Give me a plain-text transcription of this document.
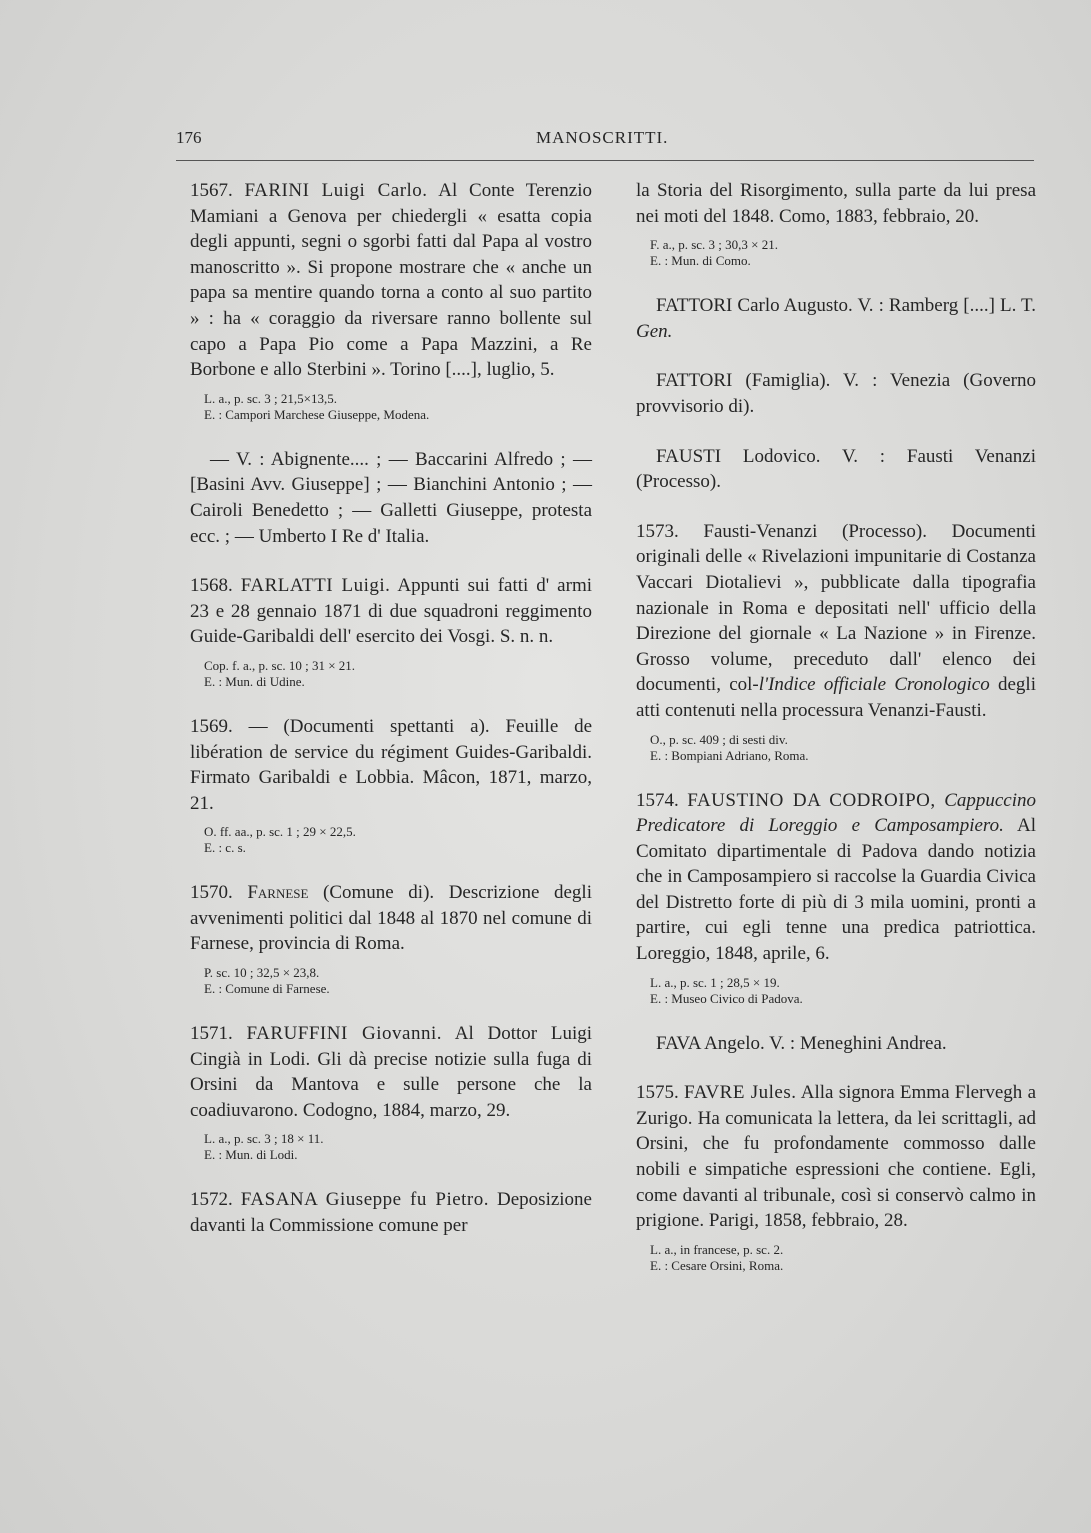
176	MANOSCRITTI.

1567. FARINI Luigi Carlo. Al Conte Terenzio Mamiani a Genova per chiedergli « esatta copia degli appunti, segni o sgorbi fatti dal Papa al vostro manoscritto ». Si propone mostrare che « anche un papa sa mentire quando torna a conto al suo partito » : ha « coraggio da riversare ranno bollente sul capo a Papa Pio come a Papa Mazzini, a Re Borbone e allo Sterbini ». Torino [....], luglio, 5.

L. a., p. sc. 3 ; 21,5×13,5.
E. : Campori Marchese Giuseppe, Modena.

— V. : Abignente.... ; — Baccarini Alfredo ; — [Basini Avv. Giuseppe] ; — Bianchini Antonio ; — Cairoli Benedetto ; — Galletti Giuseppe, protesta ecc. ; — Umberto I Re d' Italia.

1568. FARLATTI Luigi. Appunti sui fatti d' armi 23 e 28 gennaio 1871 di due squadroni reggimento Guide-Garibaldi dell' esercito dei Vosgi. S. n. n.

Cop. f. a., p. sc. 10 ; 31 × 21.
E. : Mun. di Udine.

1569. — (Documenti spettanti a). Feuille de libération de service du régiment Guides-Garibaldi. Firmato Garibaldi e Lobbia. Mâcon, 1871, marzo, 21.

O. ff. aa., p. sc. 1 ; 29 × 22,5.
E. : c. s.

1570. Farnese (Comune di). Descrizione degli avvenimenti politici dal 1848 al 1870 nel comune di Farnese, provincia di Roma.

P. sc. 10 ; 32,5 × 23,8.
E. : Comune di Farnese.

1571. FARUFFINI Giovanni. Al Dottor Luigi Cingià in Lodi. Gli dà precise notizie sulla fuga di Orsini da Mantova e sulle persone che la coadiuvarono. Codogno, 1884, marzo, 29.

L. a., p. sc. 3 ; 18 × 11.
E. : Mun. di Lodi.

1572. FASANA Giuseppe fu Pietro. Deposizione davanti la Commissione comune per

la Storia del Risorgimento, sulla parte da lui presa nei moti del 1848. Como, 1883, febbraio, 20.

F. a., p. sc. 3 ; 30,3 × 21.
E. : Mun. di Como.

FATTORI Carlo Augusto. V. : Ramberg [....] L. T. Gen.

FATTORI (Famiglia). V. : Venezia (Governo provvisorio di).

FAUSTI Lodovico. V. : Fausti Venanzi (Processo).

1573. Fausti-Venanzi (Processo). Documenti originali delle « Rivelazioni impunitarie di Costanza Vaccari Diotalievi », pubblicate dalla tipografia nazionale in Roma e depositati nell' ufficio della Direzione del giornale « La Nazione » in Firenze. Grosso volume, preceduto dall' elenco dei documenti, col-l'Indice officiale Cronologico degli atti contenuti nella processura Venanzi-Fausti.

O., p. sc. 409 ; di sesti div.
E. : Bompiani Adriano, Roma.

1574. FAUSTINO DA CODROIPO, Cappuccino Predicatore di Loreggio e Camposampiero. Al Comitato dipartimentale di Padova dando notizia che in Camposampiero si raccolse la Guardia Civica del Distretto forte di più di 3 mila uomini, pronti a partire, cui egli tenne una predica patriottica. Loreggio, 1848, aprile, 6.

L. a., p. sc. 1 ; 28,5 × 19.
E. : Museo Civico di Padova.

FAVA Angelo. V. : Meneghini Andrea.

1575. FAVRE Jules. Alla signora Emma Flervegh a Zurigo. Ha comunicata la lettera, da lei scrittagli, ad Orsini, che fu profondamente commosso dalle nobili e simpatiche espressioni che contiene. Egli, come davanti al tribunale, così si conservò calmo in prigione. Parigi, 1858, febbraio, 28.

L. a., in francese, p. sc. 2.
E. : Cesare Orsini, Roma.
